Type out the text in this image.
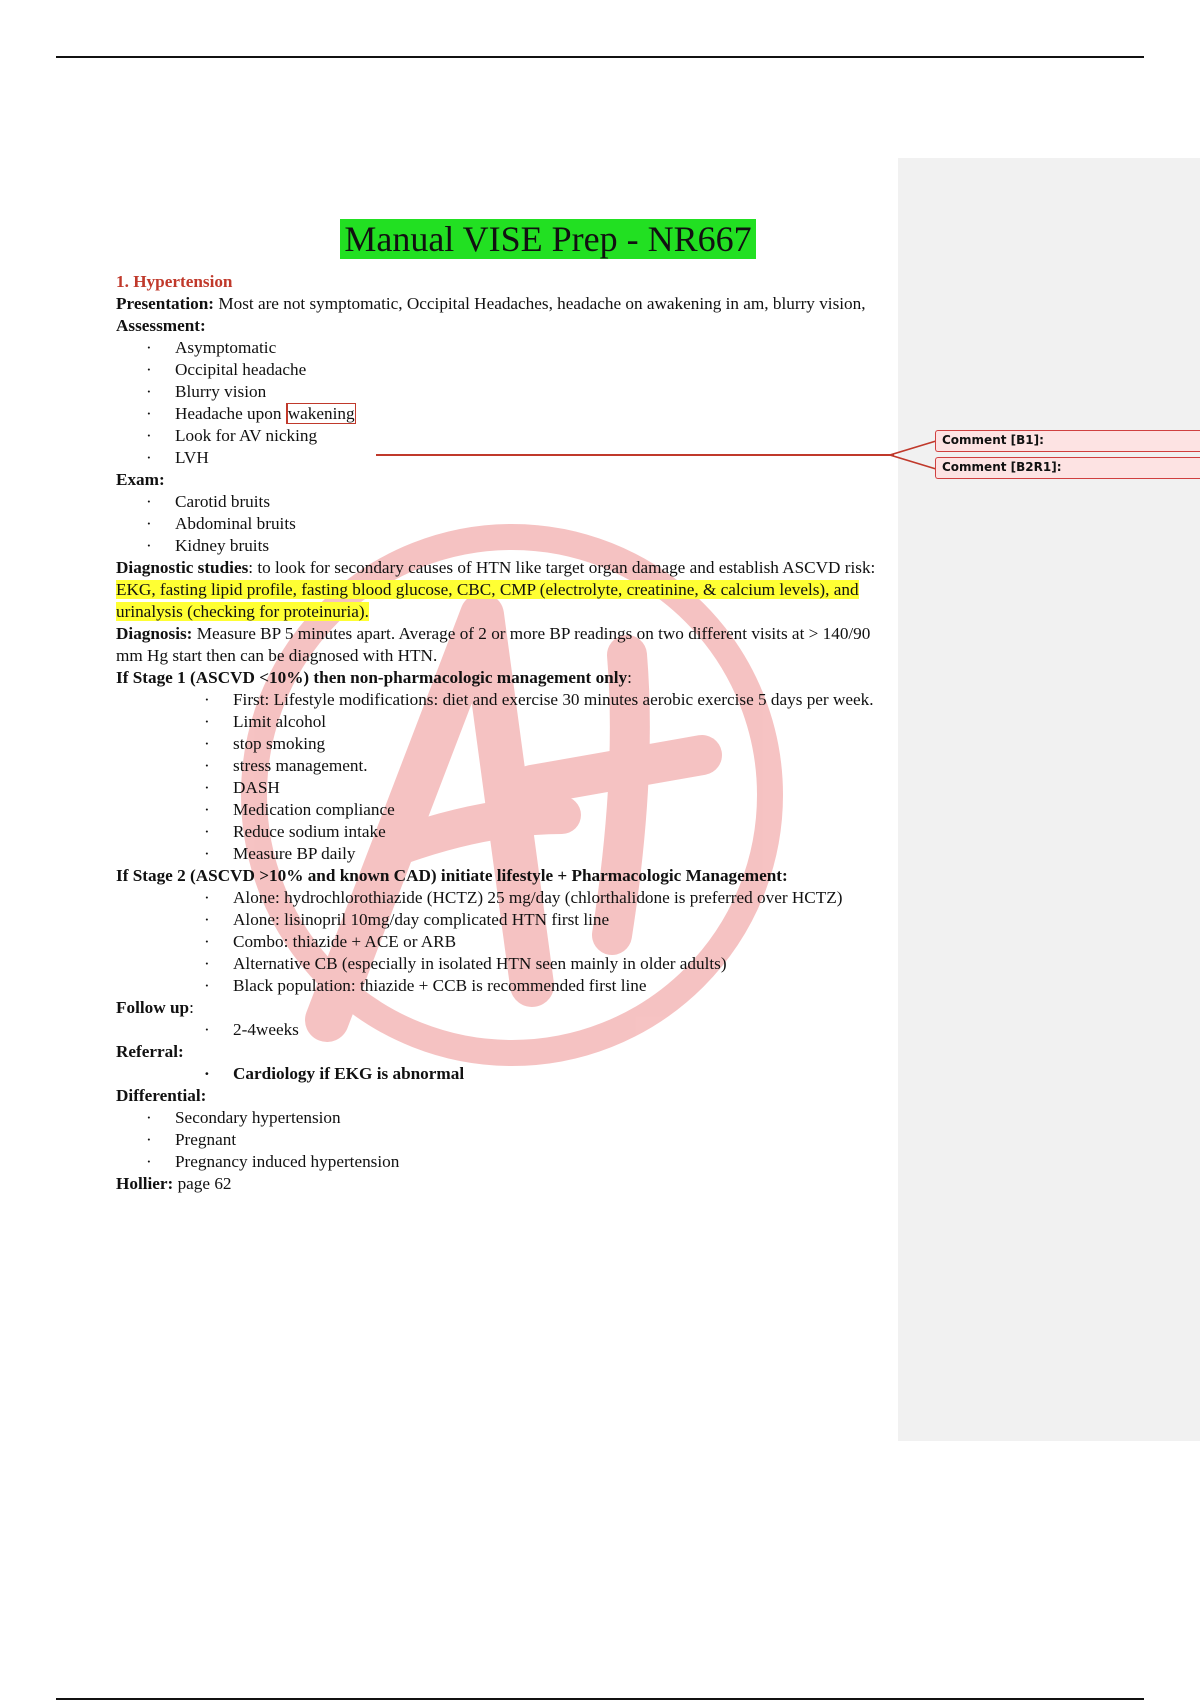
Manual VISE Prep - NR667
1. Hypertension
Presentation: Most are not symptomatic, Occipital Headaches, headache on awakening in am, blurry vision,
Assessment:
· Asymptomatic
· Occipital headache
· Blurry vision
· Headache upon wakening
· Look for AV nicking
· LVH
Exam:
· Carotid bruits
· Abdominal bruits
· Kidney bruits
Diagnostic studies: to look for secondary causes of HTN like target organ damage and establish ASCVD risk: EKG, fasting lipid profile, fasting blood glucose, CBC, CMP (electrolyte, creatinine, & calcium levels), and urinalysis (checking for proteinuria).
Diagnosis: Measure BP 5 minutes apart. Average of 2 or more BP readings on two different visits at > 140/90 mm Hg start then can be diagnosed with HTN.
If Stage 1 (ASCVD <10%) then non-pharmacologic management only:
· First: Lifestyle modifications: diet and exercise 30 minutes aerobic exercise 5 days per week.
· Limit alcohol
· stop smoking
· stress management.
· DASH
· Medication compliance
· Reduce sodium intake
· Measure BP daily
If Stage 2 (ASCVD >10% and known CAD) initiate lifestyle + Pharmacologic Management:
· Alone: hydrochlorothiazide (HCTZ) 25 mg/day (chlorthalidone is preferred over HCTZ)
· Alone: lisinopril 10mg/day complicated HTN first line
· Combo: thiazide + ACE or ARB
· Alternative CB (especially in isolated HTN seen mainly in older adults)
· Black population: thiazide + CCB is recommended first line
Follow up:
· 2-4weeks
Referral:
· Cardiology if EKG is abnormal
Differential:
· Secondary hypertension
· Pregnant
· Pregnancy induced hypertension
Hollier: page 62
Comment [B1]:
Comment [B2R1]:
